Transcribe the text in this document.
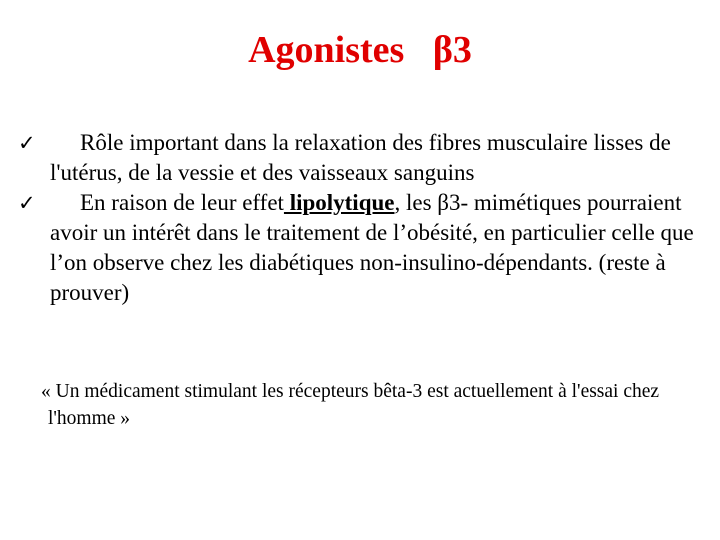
Agonistes   β3
✓	Rôle important dans la relaxation des fibres musculaire lisses de l'utérus, de la vessie et des vaisseaux sanguins
✓	En raison de leur effet lipolytique, les β3- mimétiques pourraient avoir un intérêt dans le traitement de l’obésité, en particulier celle que l’on observe chez les diabétiques non-insulino-dépendants. (reste à prouver)
« Un médicament stimulant les récepteurs bêta-3 est actuellement à l'essai chez l'homme »
